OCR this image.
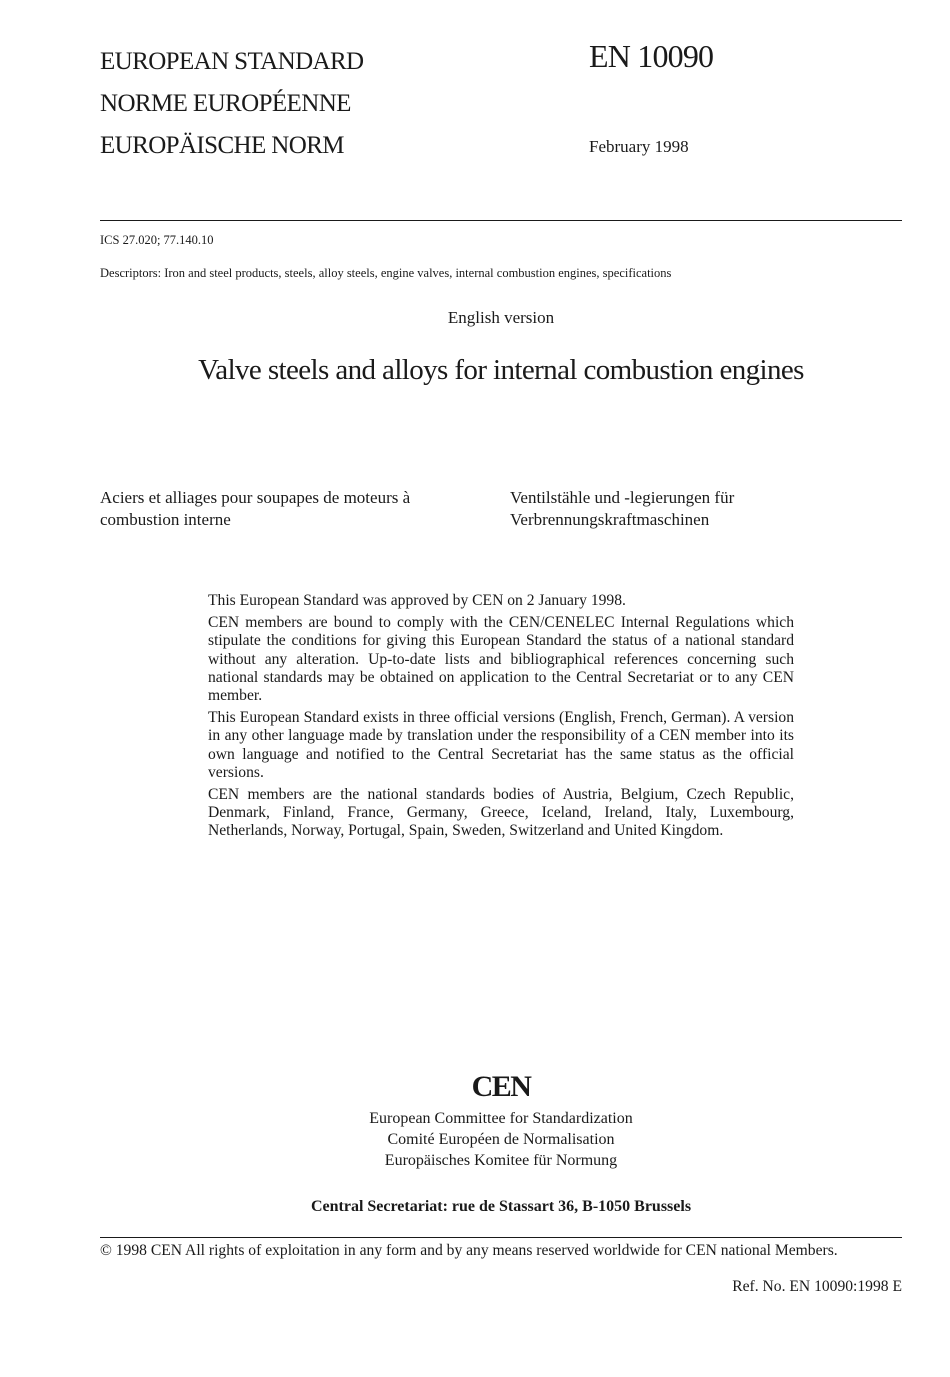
EUROPEAN STANDARD
NORME EUROPÉENNE
EUROPÄISCHE NORM
EN 10090
February 1998
ICS 27.020; 77.140.10
Descriptors: Iron and steel products, steels, alloy steels, engine valves, internal combustion engines, specifications
English version
Valve steels and alloys for internal combustion engines
Aciers et alliages pour soupapes de moteurs à combustion interne
Ventilstähle und -legierungen für Verbrennungskraftmaschinen

This European Standard was approved by CEN on 2 January 1998.

CEN members are bound to comply with the CEN/CENELEC Internal Regulations which stipulate the conditions for giving this European Standard the status of a national standard without any alteration. Up-to-date lists and bibliographical references concerning such national standards may be obtained on application to the Central Secretariat or to any CEN member.

This European Standard exists in three official versions (English, French, German). A version in any other language made by translation under the responsibility of a CEN member into its own language and notified to the Central Secretariat has the same status as the official versions.

CEN members are the national standards bodies of Austria, Belgium, Czech Republic, Denmark, Finland, France, Germany, Greece, Iceland, Ireland, Italy, Luxembourg, Netherlands, Norway, Portugal, Spain, Sweden, Switzerland and United Kingdom.

CEN
European Committee for Standardization
Comité Européen de Normalisation
Europäisches Komitee für Normung
Central Secretariat: rue de Stassart 36, B-1050 Brussels
© 1998 CEN All rights of exploitation in any form and by any means reserved worldwide for CEN national Members.
Ref. No. EN 10090:1998 E
